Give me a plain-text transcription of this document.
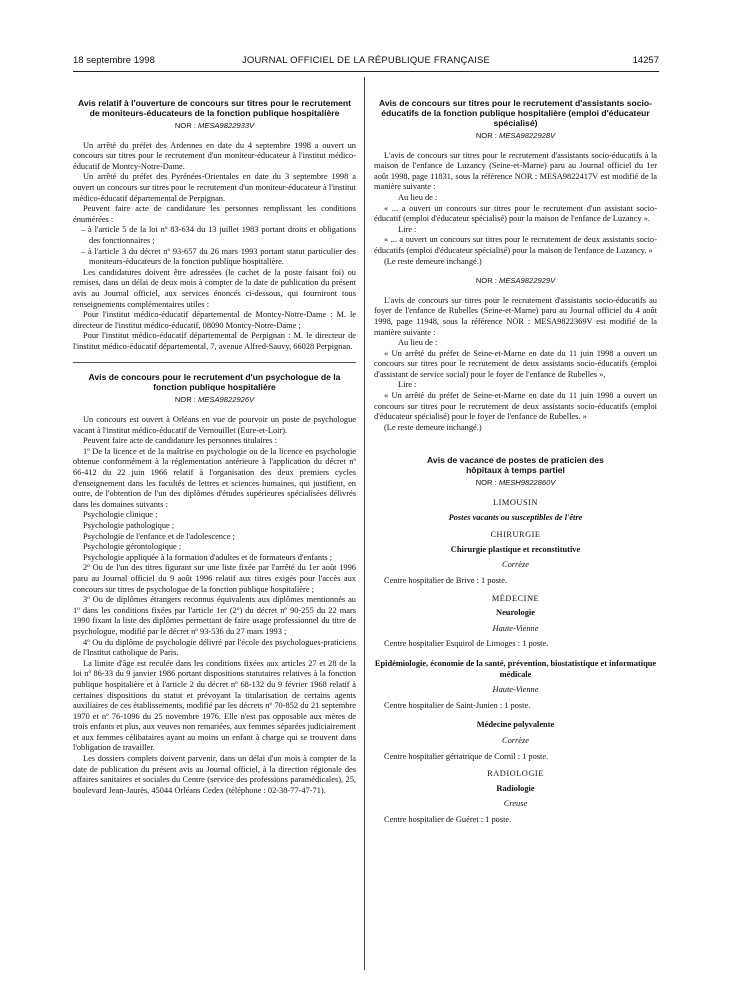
18 septembre 1998	JOURNAL OFFICIEL DE LA RÉPUBLIQUE FRANÇAISE	14257
Avis relatif à l'ouverture de concours sur titres pour le recrutement de moniteurs-éducateurs de la fonction publique hospitalière
NOR : MESA9822933V

Un arrêté du préfet des Ardennes en date du 4 septembre 1998 a ouvert un concours sur titres pour le recrutement d'un moniteur-éducateur à l'institut médico-éducatif de Montcy-Notre-Dame.

Un arrêté du préfet des Pyrénées-Orientales en date du 3 septembre 1998 a ouvert un concours sur titres pour le recrutement d'un moniteur-éducateur à l'institut médico-éducatif départemental de Perpignan.

Peuvent faire acte de candidature les personnes remplissant les conditions énumérées :

– à l'article 5 de la loi nº 83-634 du 13 juillet 1983 portant droits et obligations des fonctionnaires ;

– à l'article 3 du décret nº 93-657 du 26 mars 1993 portant statut particulier des moniteurs-éducateurs de la fonction publique hospitalière.

Les candidatures doivent être adressées (le cachet de la poste faisant foi) ou remises, dans un délai de deux mois à compter de la date de publication du présent avis au Journal officiel, aux services énoncés ci-dessous, qui fourniront tous renseignements complémentaires utiles :

Pour l'institut médico-éducatif départemental de Montcy-Notre-Dame : M. le directeur de l'institut médico-éducatif, 08090 Montcy-Notre-Dame ;

Pour l'institut médico-éducatif départemental de Perpignan : M. le directeur de l'institut médico-éducatif départemental, 7, avenue Alfred-Sauvy, 66028 Perpignan.

Avis de concours pour le recrutement d'un psychologue de la fonction publique hospitalière
NOR : MESA9822926V

Un concours est ouvert à Orléans en vue de pourvoir un poste de psychologue vacant à l'institut médico-éducatif de Vernouillet (Eure-et-Loir).

Peuvent faire acte de candidature les personnes titulaires :

1º De la licence et de la maîtrise en psychologie ou de la licence en psychologie obtenue conformément à la réglementation antérieure à l'application du décret nº 66-412 du 22 juin 1966 relatif à l'organisation des deux premiers cycles d'enseignement dans les facultés de lettres et sciences humaines, qui justifient, en outre, de l'obtention de l'un des diplômes d'études supérieures spécialisées délivrés dans les domaines suivants :

Psychologie clinique ;

Psychologie pathologique ;

Psychologie de l'enfance et de l'adolescence ;

Psychologie gérontologique ;

Psychologie appliquée à la formation d'adultes et de formateurs d'enfants ;

2º Ou de l'un des titres figurant sur une liste fixée par l'arrêté du 1er août 1996 paru au Journal officiel du 9 août 1996 relatif aux titres exigés pour l'accès aux concours sur titres de psychologue de la fonction publique hospitalière ;

3º Ou de diplômes étrangers reconnus équivalents aux diplômes mentionnés au 1º dans les conditions fixées par l'article 1er (2º) du décret nº 90-255 du 22 mars 1990 fixant la liste des diplômes permettant de faire usage professionnel du titre de psychologue, modifié par le décret nº 93-536 du 27 mars 1993 ;

4º Ou du diplôme de psychologie délivré par l'école des psychologues-praticiens de l'Institut catholique de Paris.

La limite d'âge est reculée dans les conditions fixées aux articles 27 et 28 de la loi nº 86-33 du 9 janvier 1986 portant dispositions statutaires relatives à la fonction publique hospitalière et à l'article 2 du décret nº 68-132 du 9 février 1968 relatif à certaines dispositions du statut et prévoyant la titularisation de certains agents auxiliaires de ces établissements, modifié par les décrets nº 70-852 du 21 septembre 1970 et nº 76-1096 du 25 novembre 1976. Elle n'est pas opposable aux mères de trois enfants et plus, aux veuves non remariées, aux femmes séparées judiciairement et aux femmes célibataires ayant au moins un enfant à charge qui se trouvent dans l'obligation de travailler.

Les dossiers complets doivent parvenir, dans un délai d'un mois à compter de la date de publication du présent avis au Journal officiel, à la direction régionale des affaires sanitaires et sociales du Centre (service des professions paramédicales), 25, boulevard Jean-Jaurès, 45044 Orléans Cedex (téléphone : 02-38-77-47-71).

Avis de concours sur titres pour le recrutement d'assistants socio-éducatifs de la fonction publique hospitalière (emploi d'éducateur spécialisé)
NOR : MESA9822928V

L'avis de concours sur titres pour le recrutement d'assistants socio-éducatifs à la maison de l'enfance de Luzancy (Seine-et-Marne) paru au Journal officiel du 1er août 1998, page 11831, sous la référence NOR : MESA9822417V est modifié de la manière suivante :

Au lieu de :

« ... a ouvert un concours sur titres pour le recrutement d'un assistant socio-éducatif (emploi d'éducateur spécialisé) pour la maison de l'enfance de Luzancy ».

Lire :

« ... a ouvert un concours sur titres pour le recrutement de deux assistants socio-éducatifs (emploi d'éducateur spécialisé) pour la maison de l'enfance de Luzancy. »

(Le reste demeure inchangé.)

NOR : MESA9822929V

L'avis de concours sur titres pour le recrutement d'assistants socio-éducatifs au foyer de l'enfance de Rubelles (Seine-et-Marne) paru au Journal officiel du 4 août 1998, page 11948, sous la référence NOR : MESA9822369V est modifié de la manière suivante :

Au lieu de :

« Un arrêté du préfet de Seine-et-Marne en date du 11 juin 1998 a ouvert un concours sur titres pour le recrutement de deux assistants socio-éducatifs (emploi d'assistant de service social) pour le foyer de l'enfance de Rubelles »,

Lire :

« Un arrêté du préfet de Seine-et-Marne en date du 11 juin 1998 a ouvert un concours sur titres pour le recrutement de deux assistants socio-éducatifs (emploi d'éducateur spécialisé) pour le foyer de l'enfance de Rubelles. »

(Le reste demeure inchangé.)

Avis de vacance de postes de praticien des hôpitaux à temps partiel
NOR : MESH9822860V
LIMOUSIN
Postes vacants ou susceptibles de l'être
CHIRURGIE
Chirurgie plastique et reconstitutive
Corrèze

Centre hospitalier de Brive : 1 poste.

MÉDECINE
Neurologie
Haute-Vienne

Centre hospitalier Esquirol de Limoges : 1 poste.

Epidémiologie, économie de la santé, prévention, biostatistique et informatique médicale
Haute-Vienne

Centre hospitalier de Saint-Junien : 1 poste.

Médecine polyvalente
Corrèze

Centre hospitalier gériatrique de Cornil : 1 poste.

RADIOLOGIE
Radiologie
Creuse

Centre hospitalier de Guéret : 1 poste.
